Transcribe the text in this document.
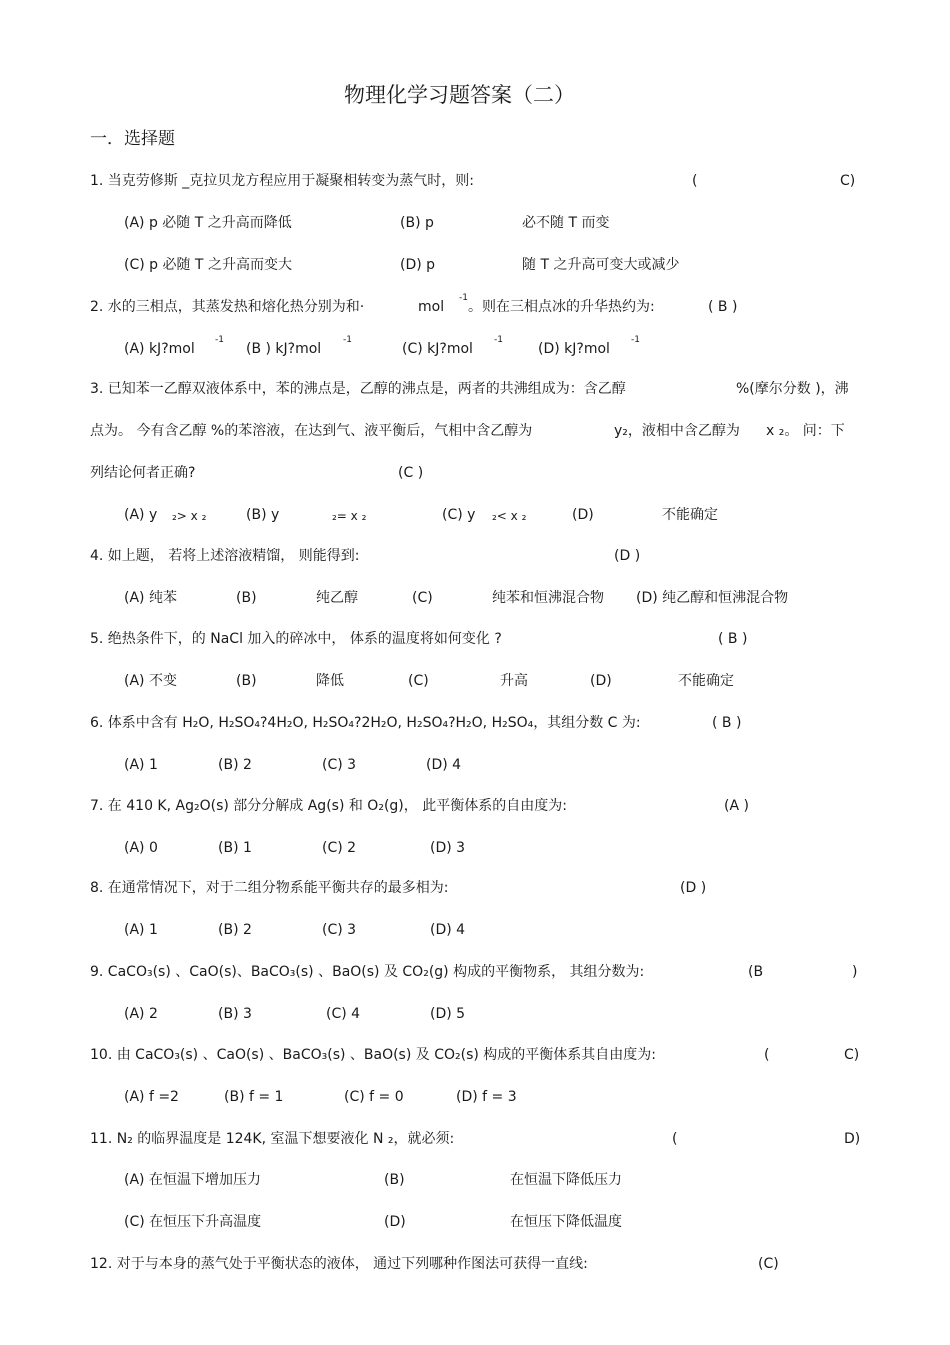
物理化学习题答案（二）
一．选择题
1. 当克劳修斯 _克拉贝龙方程应用于凝聚相转变为蒸气时，则:	(	C)
(A) p 必随 T 之升高而降低	(B) p	必不随 T 而变
(C) p 必随 T 之升高而变大	(D) p	随 T 之升高可变大或减少
2. 水的三相点，其蒸发热和熔化热分别为和·	mol
-1
。则在三相点冰的升华热约为:	( B )
(A) kJ?mol
-1
(B ) kJ?mol
-1
(C) kJ?mol
-1
(D) kJ?mol
-1
3. 已知苯一乙醇双液体系中，苯的沸点是，乙醇的沸点是，两者的共沸组成为：含乙醇	%(摩尔分数 )，沸
点为。 今有含乙醇 %的苯溶液，在达到气、液平衡后，气相中含乙醇为	y₂，液相中含乙醇为 x ₂。 问：下
列结论何者正确?	(C )
(A) y ₂> x ₂	(B) y	₂= x ₂	(C) y ₂< x ₂	(D)	不能确定
4. 如上题， 若将上述溶液精馏， 则能得到:	(D )
(A) 纯苯	(B)	纯乙醇	(C)	纯苯和恒沸混合物 (D) 纯乙醇和恒沸混合物
5. 绝热条件下，的 NaCl 加入的碎冰中， 体系的温度将如何变化 ?	( B )
(A) 不变	(B)	降低	(C)	升高	(D)	不能确定
6. 体系中含有 H₂O, H₂SO₄?4H₂O, H₂SO₄?2H₂O, H₂SO₄?H₂O, H₂SO₄，其组分数 C 为:	( B )
(A) 1	(B) 2	(C) 3	(D) 4
7. 在 410 K, Ag₂O(s) 部分分解成 Ag(s) 和 O₂(g)， 此平衡体系的自由度为:	(A )
(A) 0	(B) 1	(C) 2	(D) 3
8. 在通常情况下，对于二组分物系能平衡共存的最多相为:	(D )
(A) 1	(B) 2	(C) 3	(D) 4
9. CaCO₃(s) 、CaO(s)、BaCO₃(s) 、BaO(s) 及 CO₂(g) 构成的平衡物系， 其组分数为:	(B	)
(A) 2	(B) 3	(C) 4	(D) 5
10. 由 CaCO₃(s) 、CaO(s) 、BaCO₃(s) 、BaO(s) 及 CO₂(s) 构成的平衡体系其自由度为:	(	C)
(A) f =2	(B) f = 1	(C) f = 0	(D) f = 3
11. N₂ 的临界温度是 124K, 室温下想要液化 N ₂，就必须:	(	D)
(A) 在恒温下增加压力	(B)	在恒温下降低压力
(C) 在恒压下升高温度	(D)	在恒压下降低温度
12. 对于与本身的蒸气处于平衡状态的液体， 通过下列哪种作图法可获得一直线:	(C)
